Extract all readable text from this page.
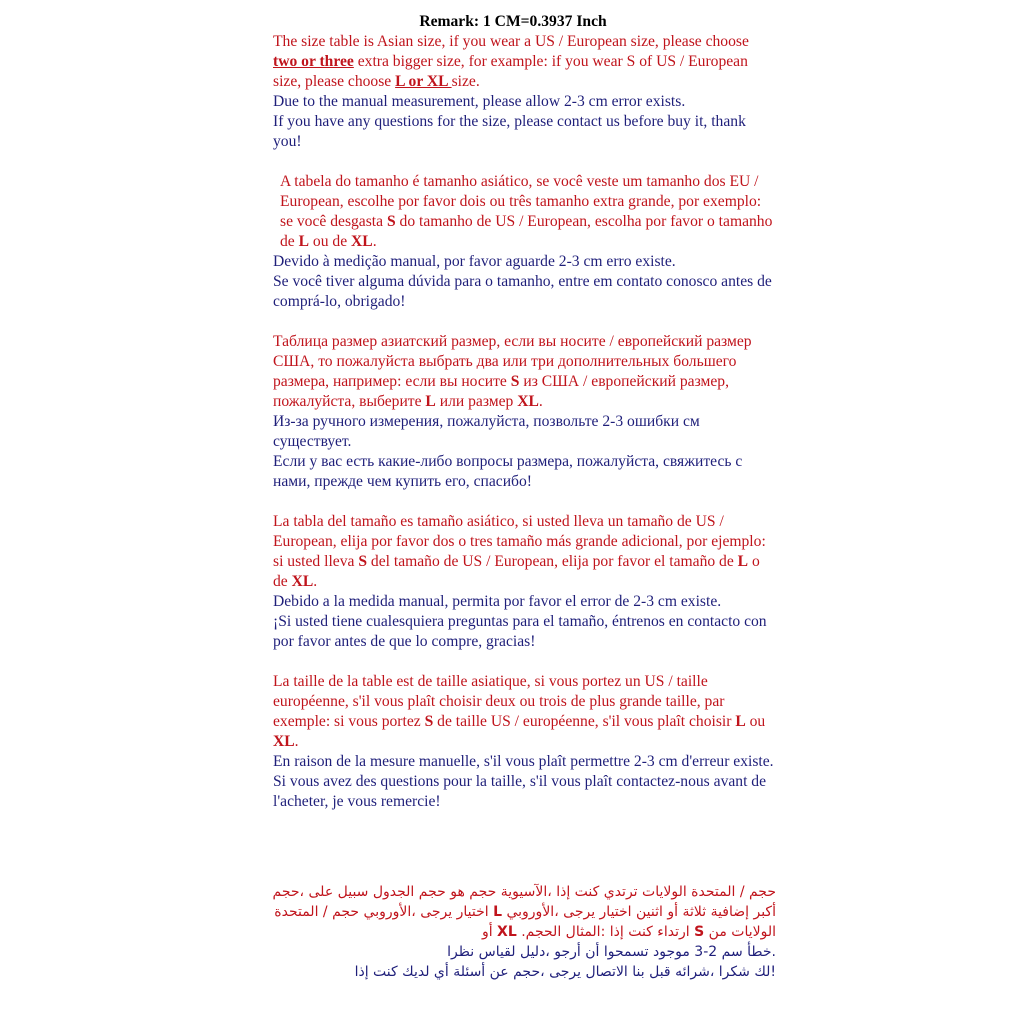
Remark: 1 CM=0.3937 Inch

The size table is Asian size, if you wear a US / European size, please choose two or three extra bigger size, for example: if you wear S of US / European size, please choose L or XL size.

Due to the manual measurement, please allow 2-3 cm error exists.

If you have any questions for the size, please contact us before buy it, thank you!

A tabela do tamanho é tamanho asiático, se você veste um tamanho dos EU / European, escolhe por favor dois ou três tamanho extra grande, por exemplo: se você desgasta S do tamanho de US / European, escolha por favor o tamanho de L ou de XL.

Devido à medição manual, por favor aguarde 2-3 cm erro existe.

Se você tiver alguma dúvida para o tamanho, entre em contato conosco antes de comprá-lo, obrigado!

Таблица размер азиатский размер, если вы носите / европейский размер США, то пожалуйста выбрать два или три дополнительных большего размера, например: если вы носите S из США / европейский размер, пожалуйста, выберите L или размер XL.

Из-за ручного измерения, пожалуйста, позвольте 2-3 ошибки см существует.

Если у вас есть какие-либо вопросы размера, пожалуйста, свяжитесь с нами, прежде чем купить его, спасибо!

La tabla del tamaño es tamaño asiático, si usted lleva un tamaño de US / European, elija por favor dos o tres tamaño más grande adicional, por ejemplo: si usted lleva S del tamaño de US / European, elija por favor el tamaño de L o de XL.

Debido a la medida manual, permita por favor el error de 2-3 cm existe.

¡Si usted tiene cualesquiera preguntas para el tamaño, éntrenos en contacto con por favor antes de que lo compre, gracias!

La taille de la table est de taille asiatique, si vous portez un US / taille européenne, s'il vous plaît choisir deux ou trois de plus grande taille, par exemple: si vous portez S de taille US / européenne, s'il vous plaît choisir L ou XL.

En raison de la mesure manuelle, s'il vous plaît permettre 2-3 cm d'erreur existe.

Si vous avez des questions pour la taille, s'il vous plaît contactez-nous avant de l'acheter, je vous remercie!

حجم / المتحدة الولايات ترتدي كنت إذا ،الآسيوية حجم هو حجم الجدول سبيل على ،حجم أكبر إضافية ثلاثة أو اثنين اختيار يرجى ،الأوروبي L اختيار يرجى ،الأوروبي حجم / المتحدة الولايات من S ارتداء كنت إذا :المثال الحجم. XL أو

.خطأ سم 2-3 موجود تسمحوا أن أرجو ،دليل لقياس نظرا

!لك شكرا ،شرائه قبل بنا الاتصال يرجى ،حجم عن أسئلة أي لديك كنت إذا
